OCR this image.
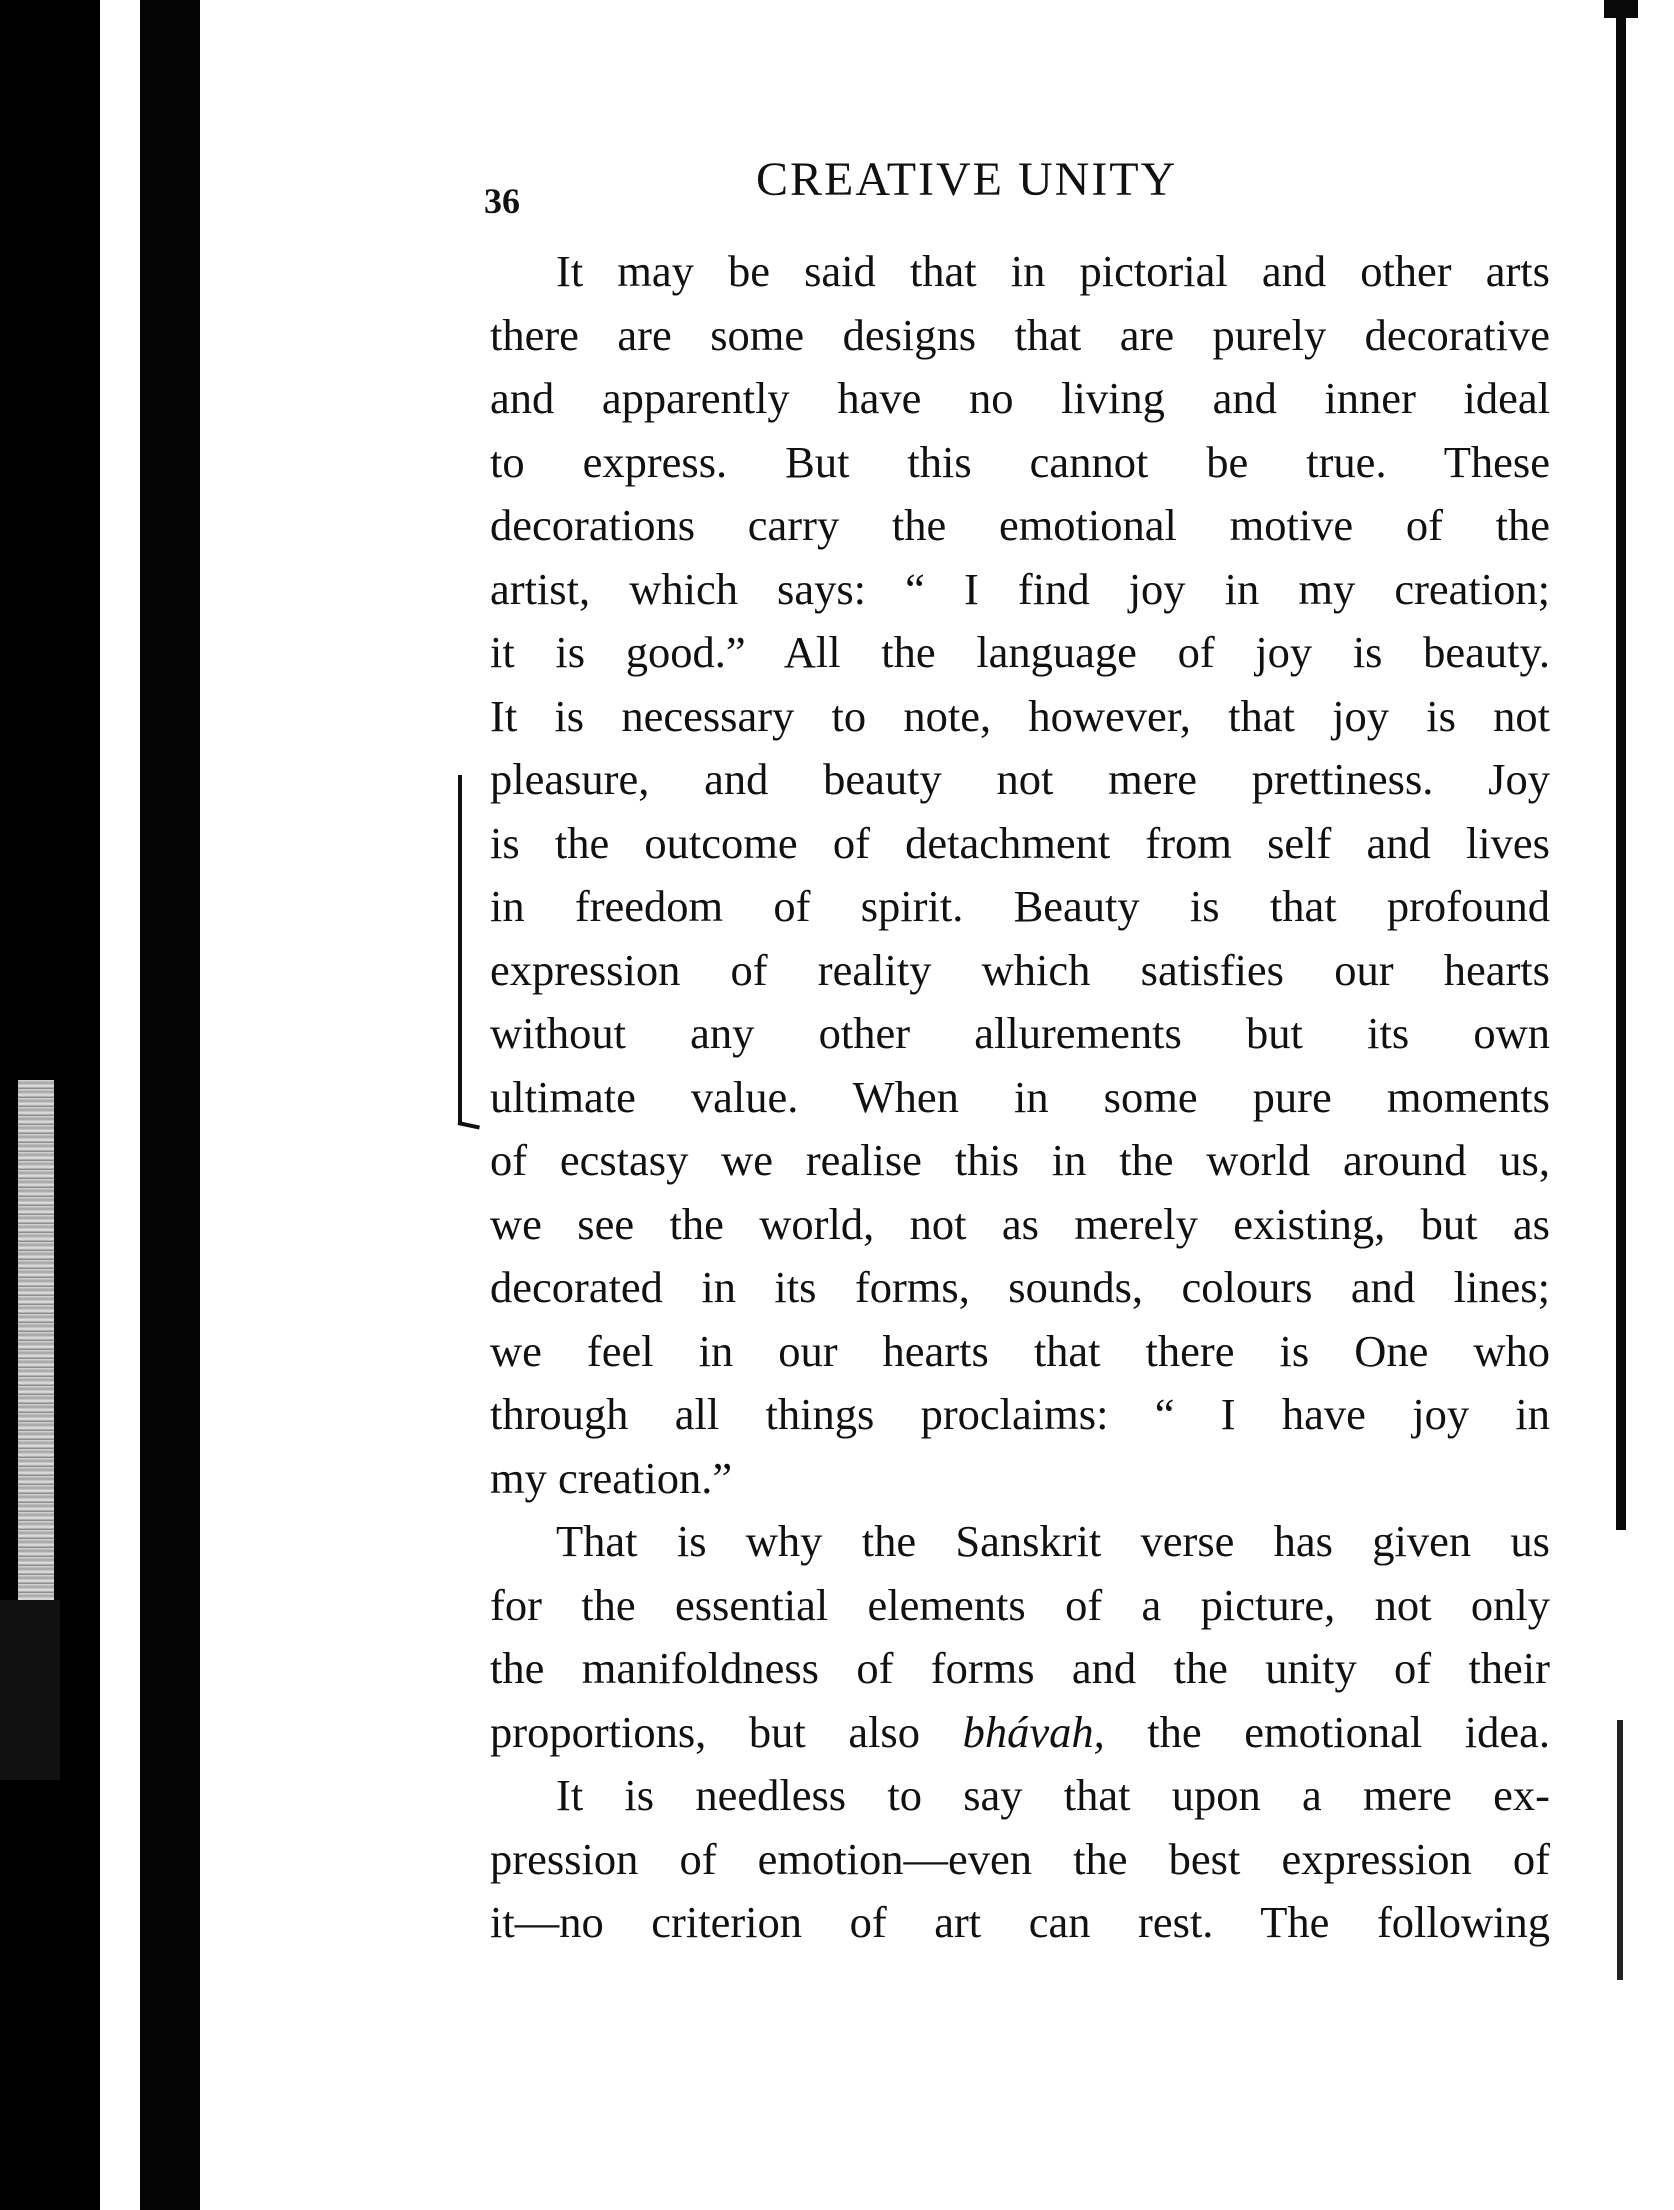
36	CREATIVE UNITY
It may be said that in pictorial and other arts
there are some designs that are purely decorative
and apparently have no living and inner ideal
to express. But this cannot be true. These
decorations carry the emotional motive of the
artist, which says: “ I find joy in my creation;
it is good.” All the language of joy is beauty.
It is necessary to note, however, that joy is not
pleasure, and beauty not mere prettiness. Joy
is the outcome of detachment from self and lives
in freedom of spirit. Beauty is that profound
expression of reality which satisfies our hearts
without any other allurements but its own
ultimate value. When in some pure moments
of ecstasy we realise this in the world around us,
we see the world, not as merely existing, but as
decorated in its forms, sounds, colours and lines;
we feel in our hearts that there is One who
through all things proclaims: “ I have joy in
my creation.”
That is why the Sanskrit verse has given us
for the essential elements of a picture, not only
the manifoldness of forms and the unity of their
proportions, but also bhávah, the emotional idea.
It is needless to say that upon a mere ex-
pression of emotion—even the best expression of
it—no criterion of art can rest. The following
